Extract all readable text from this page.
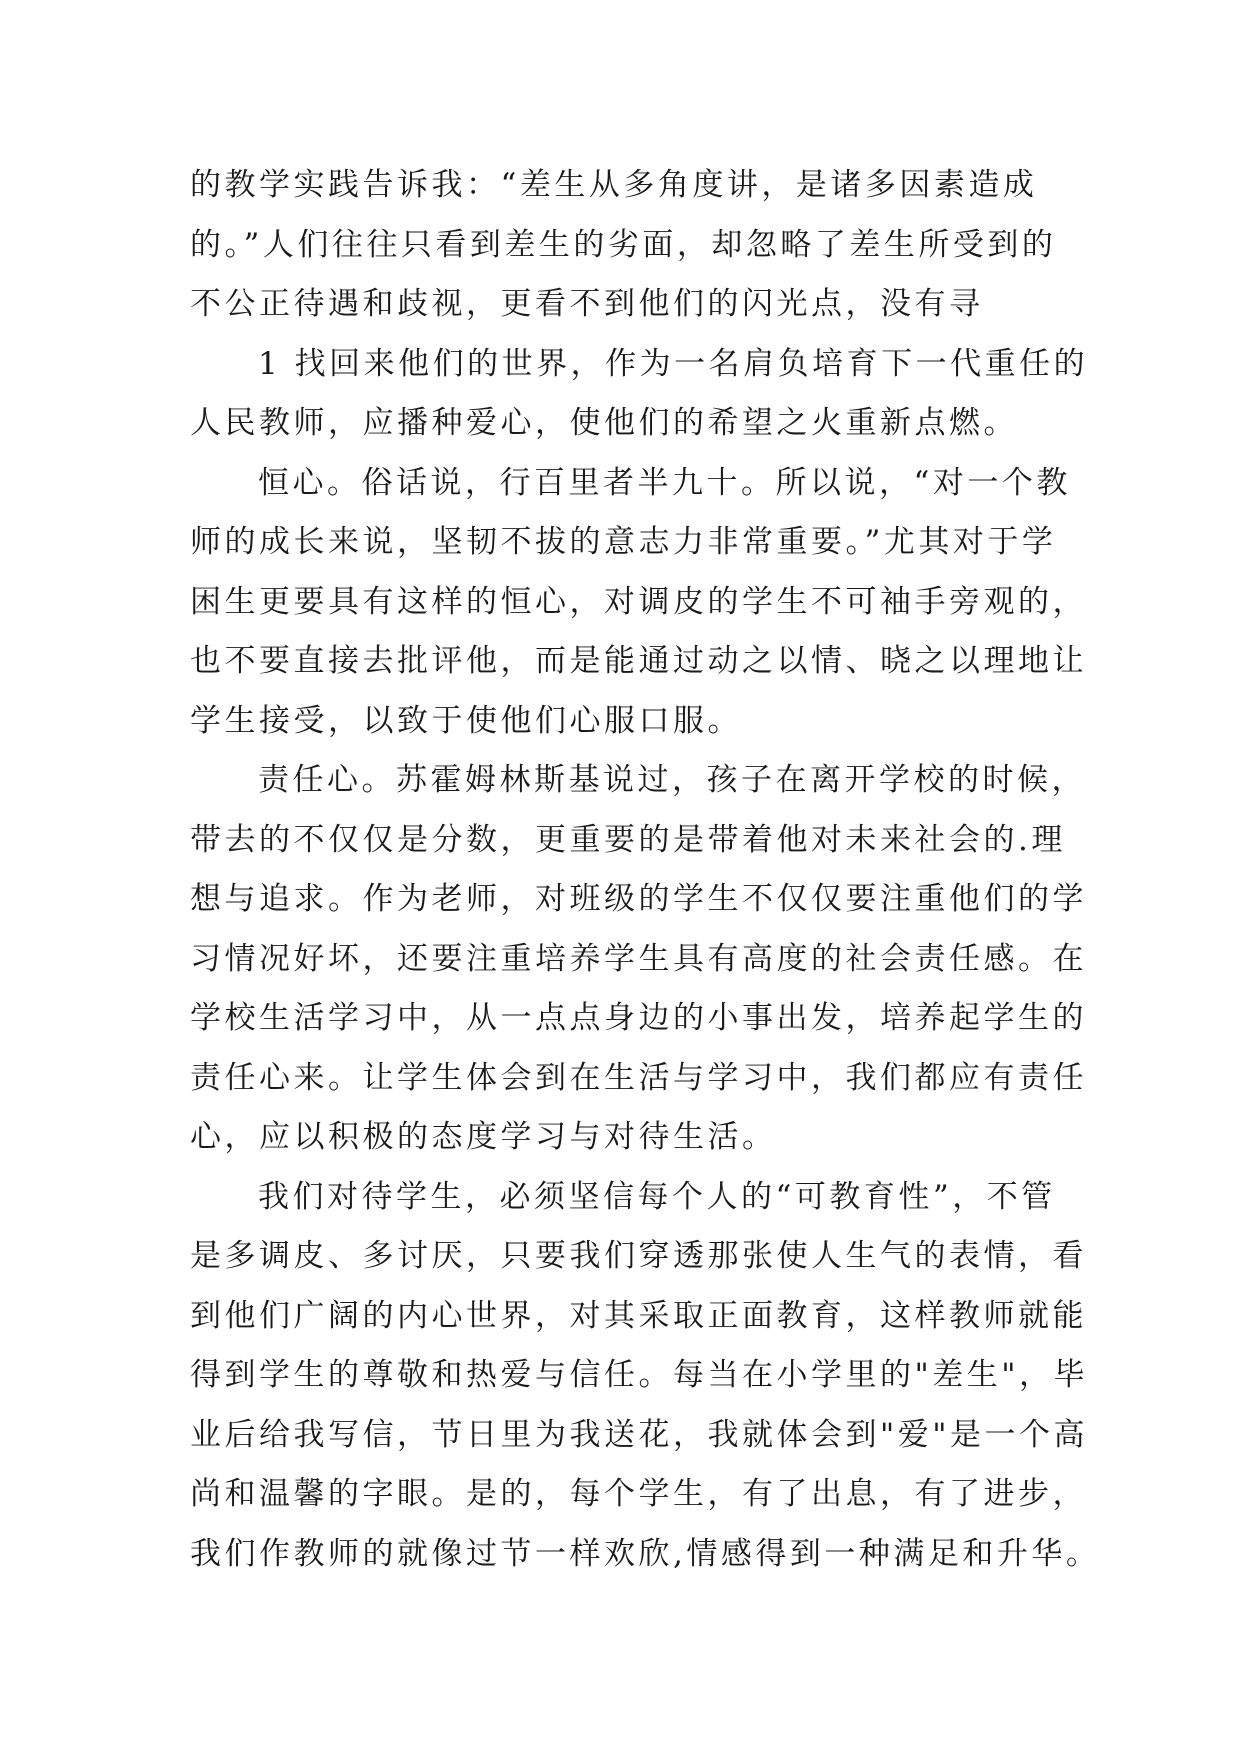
的教学实践告诉我：“差生从多角度讲，是诸多因素造成
的。”人们往往只看到差生的劣面，却忽略了差生所受到的
不公正待遇和歧视，更看不到他们的闪光点，没有寻

1 找回来他们的世界，作为一名肩负培育下一代重任的
人民教师，应播种爱心，使他们的希望之火重新点燃。

恒心。俗话说，行百里者半九十。所以说，“对一个教
师的成长来说，坚韧不拔的意志力非常重要。”尤其对于学
困生更要具有这样的恒心，对调皮的学生不可袖手旁观的，
也不要直接去批评他，而是能通过动之以情、晓之以理地让
学生接受，以致于使他们心服口服。

责任心。苏霍姆林斯基说过，孩子在离开学校的时候，
带去的不仅仅是分数，更重要的是带着他对未来社会的.理
想与追求。作为老师，对班级的学生不仅仅要注重他们的学
习情况好坏，还要注重培养学生具有高度的社会责任感。在
学校生活学习中，从一点点身边的小事出发，培养起学生的
责任心来。让学生体会到在生活与学习中，我们都应有责任
心，应以积极的态度学习与对待生活。

我们对待学生，必须坚信每个人的“可教育性”，不管
是多调皮、多讨厌，只要我们穿透那张使人生气的表情，看
到他们广阔的内心世界，对其采取正面教育，这样教师就能
得到学生的尊敬和热爱与信任。每当在小学里的"差生"，毕
业后给我写信，节日里为我送花，我就体会到"爱"是一个高
尚和温馨的字眼。是的，每个学生，有了出息，有了进步，
我们作教师的就像过节一样欢欣,情感得到一种满足和升华。
